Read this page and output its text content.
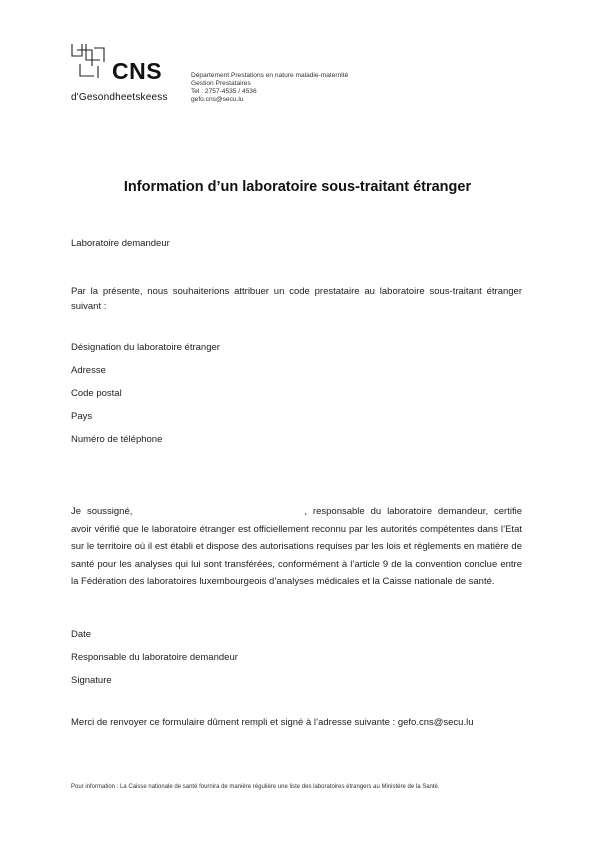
CNS
d'Gesondheetskeess
Département Prestations en nature maladie-maternité
Gestion Prestataires
Tel : 2757-4535 / 4536
gefo.cns@secu.lu
Information d’un laboratoire sous-traitant étranger
Laboratoire demandeur
Par la présente, nous souhaiterions attribuer un code prestataire au laboratoire sous-traitant étranger suivant :
Désignation du laboratoire étranger
Adresse
Code postal
Pays
Numéro de téléphone
Je soussigné,	, responsable du laboratoire demandeur, certifie avoir vérifié que le laboratoire étranger est officiellement reconnu par les autorités compétentes dans l’Etat sur le territoire où il est établi et dispose des autorisations requises par les lois et règlements en matière de santé pour les analyses qui lui sont transférées, conformément à l’article 9 de la convention conclue entre la Fédération des laboratoires luxembourgeois d’analyses médicales et la Caisse nationale de santé.
Date
Responsable du laboratoire demandeur
Signature
Merci de renvoyer ce formulaire dûment rempli et signé à l’adresse suivante : gefo.cns@secu.lu
Pour information : La Caisse nationale de santé fournira de manière régulière une liste des laboratoires étrangers au Ministère de la Santé.
